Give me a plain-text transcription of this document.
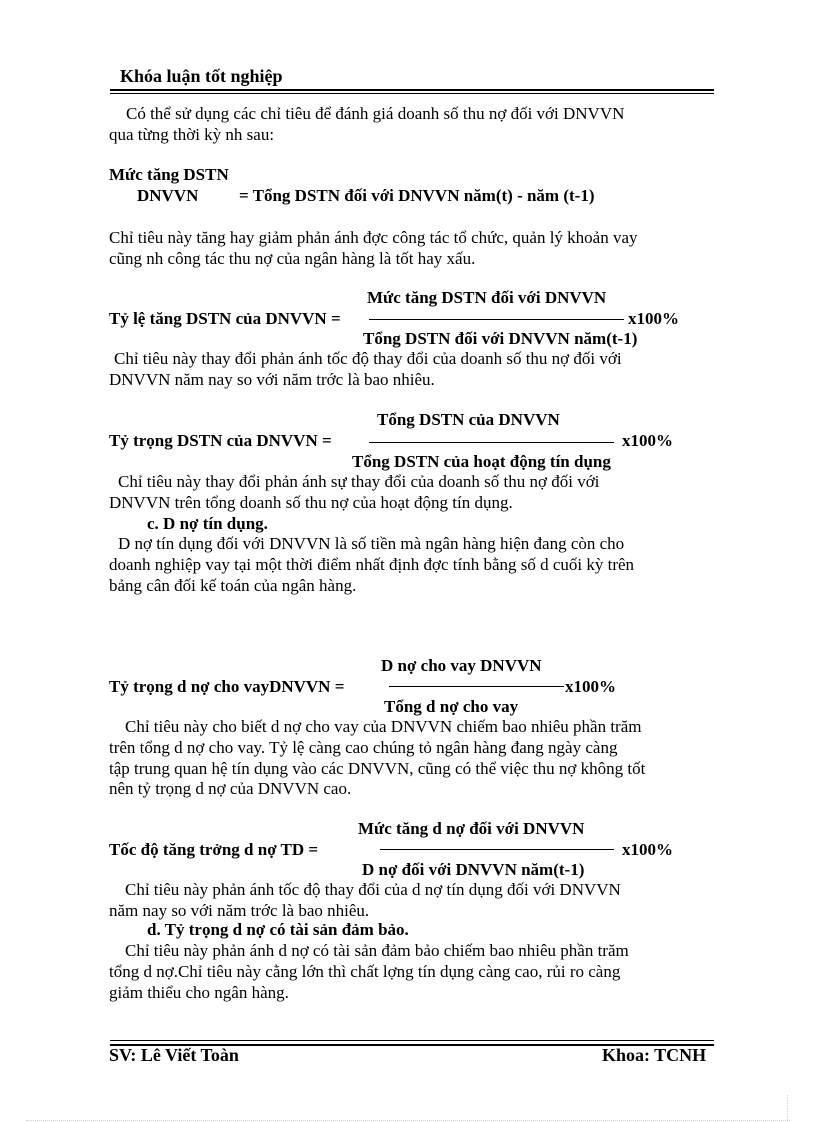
Khóa luận tốt nghiệp
Có thể sử dụng các chỉ tiêu để đánh giá doanh số thu nợ đối với DNVVN
qua từng thời kỳ nh sau:
Mức tăng DSTN
DNVVN = Tổng DSTN đối với DNVVN năm(t) - năm (t-1)
Chỉ tiêu này tăng hay giảm phản ánh đợc công tác tổ chức, quản lý khoản vay
cũng nh công tác thu nợ của ngân hàng là tốt hay xấu.
Mức tăng DSTN đối với DNVVN
Tỷ lệ tăng DSTN của DNVVN =	x100%
Tổng DSTN đối với DNVVN năm(t-1)
Chỉ tiêu này thay đổi phản ánh tốc độ thay đổi của doanh số thu nợ đối với
DNVVN năm nay so với năm trớc là bao nhiêu.
Tổng DSTN của DNVVN
Tỷ trọng DSTN của DNVVN =	x100%
Tổng DSTN của hoạt động tín dụng
Chỉ tiêu này thay đổi phản ánh sự thay đổi của doanh số thu nợ đối với
DNVVN trên tổng doanh số thu nợ của hoạt động tín dụng.
c. D nợ tín dụng.
D nợ tín dụng đối với DNVVN là số tiền mà ngân hàng hiện đang còn cho
doanh nghiệp vay tại một thời điểm nhất định đợc tính bằng số d cuối kỳ trên
bảng cân đối kế toán của ngân hàng.
D nợ cho vay DNVVN
Tỷ trọng d nợ cho vayDNVVN =	x100%
Tổng d nợ cho vay
Chỉ tiêu này cho biết d nợ cho vay của DNVVN chiếm bao nhiêu phần trăm
trên tổng d nợ cho vay. Tỷ lệ càng cao chúng tỏ ngân hàng đang ngày càng
tập trung quan hệ tín dụng vào các DNVVN, cũng có thể việc thu nợ không tốt
nên tỷ trọng d nợ của DNVVN cao.
Mức tăng d nợ đối với DNVVN
Tốc độ tăng trởng d nợ TD =	x100%
D nợ đối với DNVVN năm(t-1)
Chỉ tiêu này phản ánh tốc độ thay đổi của d nợ tín dụng đối với DNVVN
năm nay so với năm trớc là bao nhiêu.
d. Tỷ trọng d nợ có tài sản đảm bảo.
Chỉ tiêu này phản ánh d nợ có tài sản đảm bảo chiếm bao nhiêu phần trăm
tổng d nợ.Chỉ tiêu này cằng lớn thì chất lợng tín dụng càng cao, rủi ro càng
giảm thiểu cho ngân hàng.
SV: Lê Viết Toàn	Khoa: TCNH
